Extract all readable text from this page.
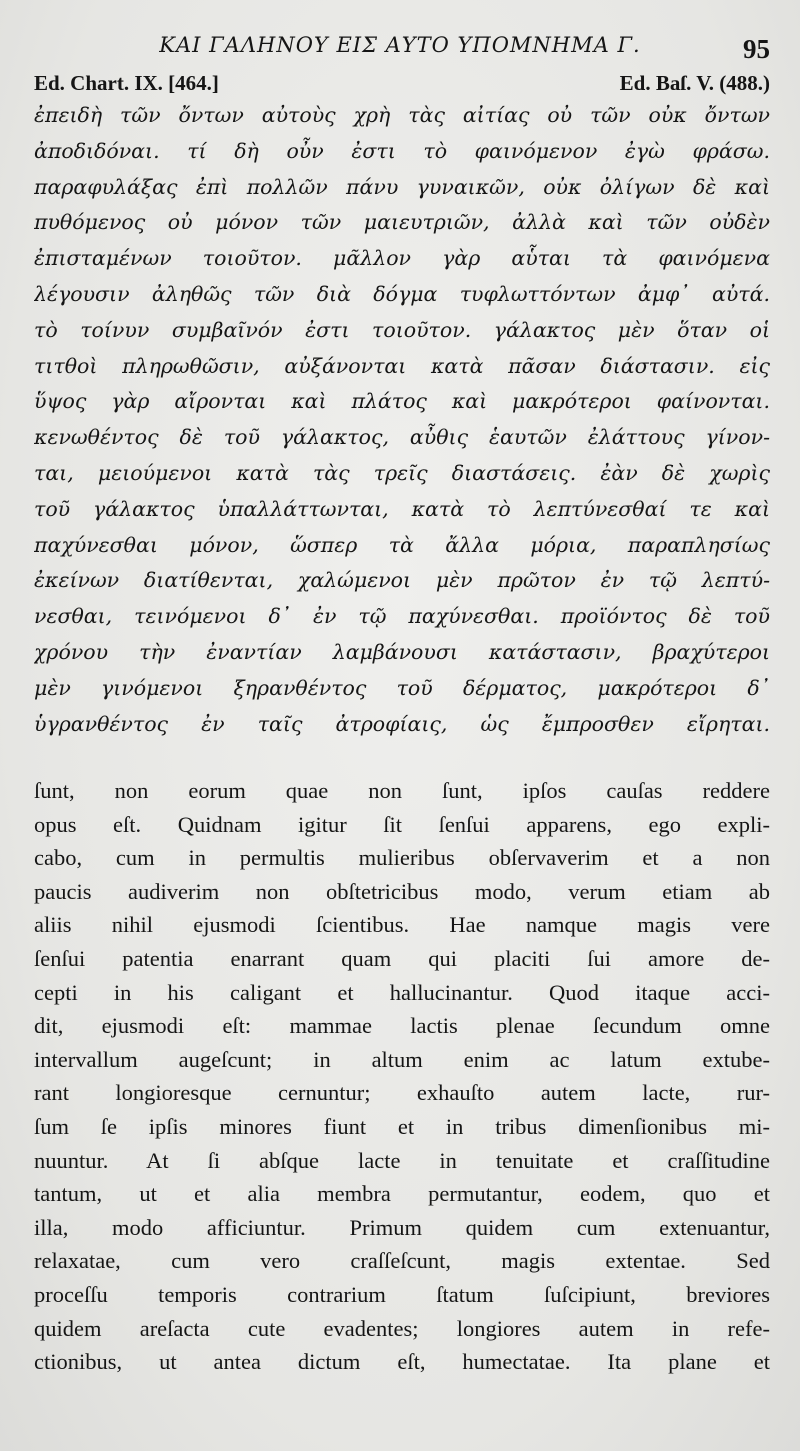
ΚΑΙ ΓΑΛΗΝΟΥ ΕΙΣ ΑΥΤΟ ΥΠΟΜΝΗΜΑ Γ.	95
Ed. Chart. IX. [464.]	Ed. Baſ. V. (488.)
ἐπειδὴ τῶν ὄντων αὐτοὺς χρὴ τὰς αἰτίας οὐ τῶν οὐκ ὄντων
ἀποδιδόναι. τί δὴ οὖν ἐστι τὸ φαινόμενον ἐγὼ φράσω.
παραφυλάξας ἐπὶ πολλῶν πάνυ γυναικῶν, οὐκ ὀλίγων δὲ καὶ
πυθόμενος οὐ μόνον τῶν μαιευτριῶν, ἀλλὰ καὶ τῶν οὐδὲν
ἐπισταμένων τοιοῦτον. μᾶλλον γὰρ αὗται τὰ φαινόμενα
λέγουσιν ἀληθῶς τῶν διὰ δόγμα τυφλωττόντων ἀμφ᾽ αὐτά.
τὸ τοίνυν συμβαῖνόν ἐστι τοιοῦτον. γάλακτος μὲν ὅταν οἱ
τιτθοὶ πληρωθῶσιν, αὐξάνονται κατὰ πᾶσαν διάστασιν. εἰς
ὕψος γὰρ αἴρονται καὶ πλάτος καὶ μακρότεροι φαίνονται.
κενωθέντος δὲ τοῦ γάλακτος, αὖθις ἑαυτῶν ἐλάττους γίνον-
ται, μειούμενοι κατὰ τὰς τρεῖς διαστάσεις. ἐὰν δὲ χωρὶς
τοῦ γάλακτος ὑπαλλάττωνται, κατὰ τὸ λεπτύνεσθαί τε καὶ
παχύνεσθαι μόνον, ὥσπερ τὰ ἄλλα μόρια, παραπλησίως
ἐκείνων διατίθενται, χαλώμενοι μὲν πρῶτον ἐν τῷ λεπτύ-
νεσθαι, τεινόμενοι δ᾽ ἐν τῷ παχύνεσθαι. προϊόντος δὲ τοῦ
χρόνου τὴν ἐναντίαν λαμβάνουσι κατάστασιν, βραχύτεροι
μὲν γινόμενοι ξηρανθέντος τοῦ δέρματος, μακρότεροι δ᾽
ὑγρανθέντος ἐν ταῖς ἀτροφίαις, ὡς ἔμπροσθεν εἴρηται.
ſunt, non eorum quae non ſunt, ipſos cauſas reddere
opus eſt. Quidnam igitur ſit ſenſui apparens, ego expli-
cabo, cum in permultis mulieribus obſervaverim et a non
paucis audiverim non obſtetricibus modo, verum etiam ab
aliis nihil ejusmodi ſcientibus. Hae namque magis vere
ſenſui patentia enarrant quam qui placiti ſui amore de-
cepti in his caligant et hallucinantur. Quod itaque acci-
dit, ejusmodi eſt: mammae lactis plenae ſecundum omne
intervallum augeſcunt; in altum enim ac latum extube-
rant longioresque cernuntur; exhauſto autem lacte, rur-
ſum ſe ipſis minores fiunt et in tribus dimenſionibus mi-
nuuntur. At ſi abſque lacte in tenuitate et craſſitudine
tantum, ut et alia membra permutantur, eodem, quo et
illa, modo afficiuntur. Primum quidem cum extenuantur,
relaxatae, cum vero craſſeſcunt, magis extentae. Sed
proceſſu temporis contrarium ſtatum ſuſcipiunt, breviores
quidem areſacta cute evadentes; longiores autem in refe-
ctionibus, ut antea dictum eſt, humectatae. Ita plane et
